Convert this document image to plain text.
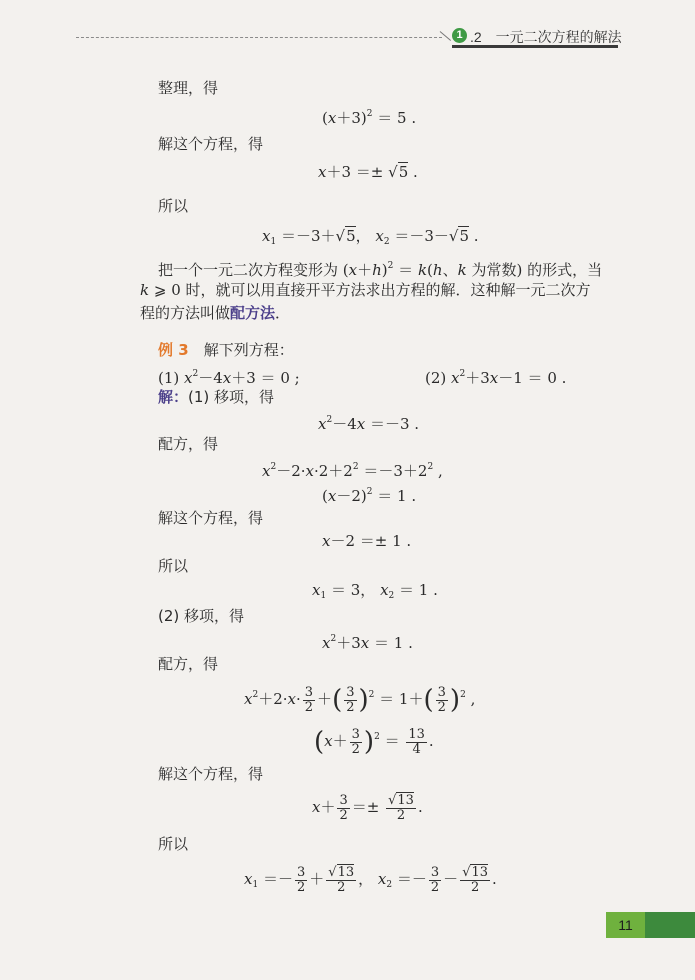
1 .2　一元二次方程的解法
整理，得
$(x+3)^2 = 5$ .
解这个方程，得
x＋3 ＝± √5 .
所以
$x_1 =-3+√5$， $x_2 =-3-√5$ .
把一个一元二次方程变形为 $(x+h)^2 = k(h$、k 为常数) 的形式，当
k ⩾ 0 时，就可以用直接开平方法求出方程的解．这种解一元二次方
程的方法叫做配方法．
例 3　 解下列方程：
(1) $x^2-4x+3 = 0$ ;	(2) $x^2+3x-1 = 0$ .
解：(1) 移项，得
$x^2-4x =-3$ .
配方，得
$x^2-2\cdot x\cdot 2+2^2 =-3+2^2$ ,
$(x-2)^2 = 1$ .
解这个方程，得
x－2 ＝± 1 .
所以
$x_1 = 3$， $x_2 = 1$ .
(2) 移项，得
$x^2+3x = 1$ .
配方，得
$x^2+2\cdot x\cdot \frac{3}{2}$ ＋( $\frac{3}{2} )^2 = 1+( \frac{3}{2} )^2$ ,
$(x+ \frac{3}{2} )^2 = \frac{13}{4}$ .
解这个方程，得
$x+ \frac{3}{2} =\pm \frac{√13}{2}$ .
所以
$x_1 =- \frac{3}{2} + \frac{√13}{2}$ ， $x_2 =- \frac{3}{2} - \frac{√13}{2}$ .
11
